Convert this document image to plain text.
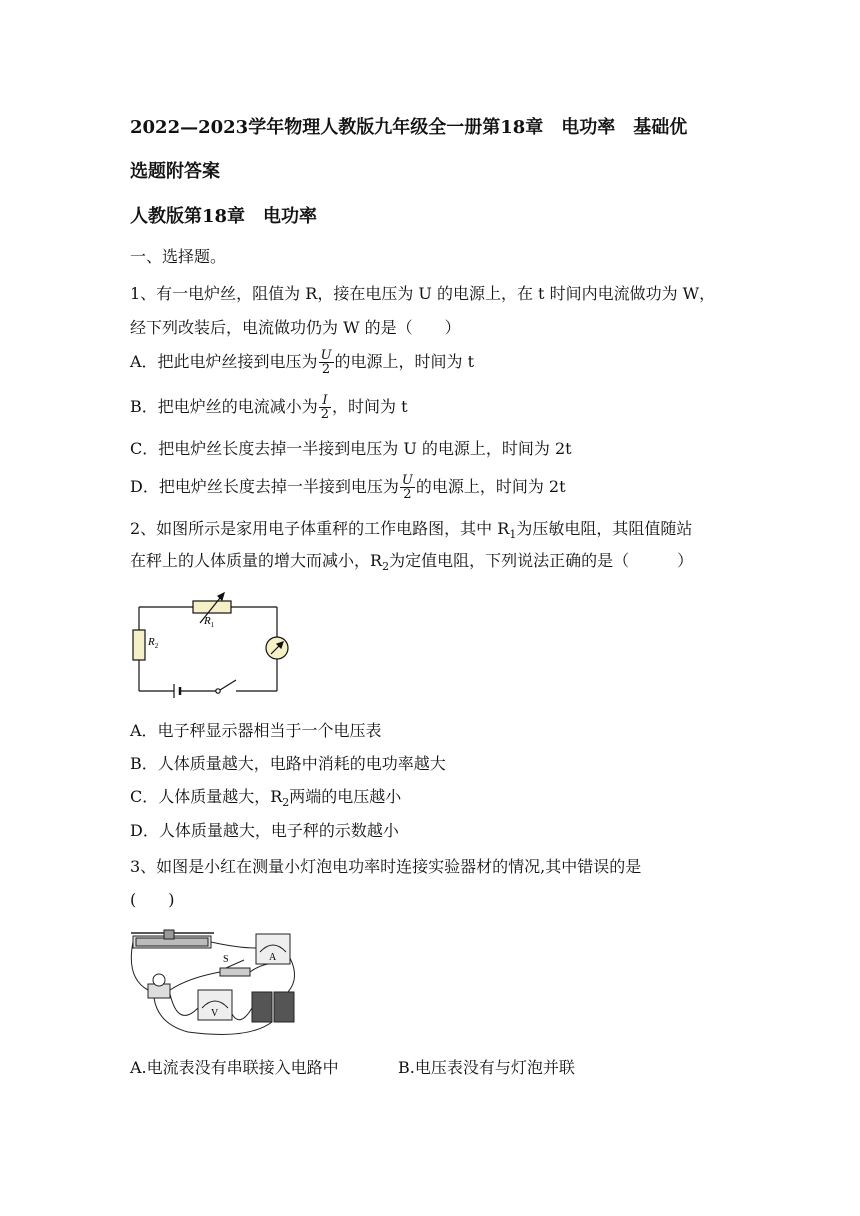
2022—2023学年物理人教版九年级全一册第18章　电功率　基础优
选题附答案
人教版第18章　电功率
一、选择题。
1、有一电炉丝，阻值为 R，接在电压为 U 的电源上，在 t 时间内电流做功为 W，
经下列改装后，电流做功仍为 W 的是（　　）
A．把此电炉丝接到电压为 $\frac{U}{2}$ 的电源上，时间为 t
B．把电炉丝的电流减小为 $\frac{I}{2}$ ，时间为 t
C．把电炉丝长度去掉一半接到电压为 U 的电源上，时间为 2t
D．把电炉丝长度去掉一半接到电压为 $\frac{U}{2}$ 的电源上，时间为 2t
2、如图所示是家用电子体重秤的工作电路图，其中 $R_1$为压敏电阻，其阻值随站
在秤上的人体质量的增大而减小，$R_2$为定值电阻，下列说法正确的是（　　　）
$R_1$
$R_2$
A．电子秤显示器相当于一个电压表
B．人体质量越大，电路中消耗的电功率越大
C．人体质量越大，$R_2$两端的电压越小
D．人体质量越大，电子秤的示数越小
3、如图是小红在测量小灯泡电功率时连接实验器材的情况,其中错误的是
(　　)
S	A
V
A.电流表没有串联接入电路中	B.电压表没有与灯泡并联
